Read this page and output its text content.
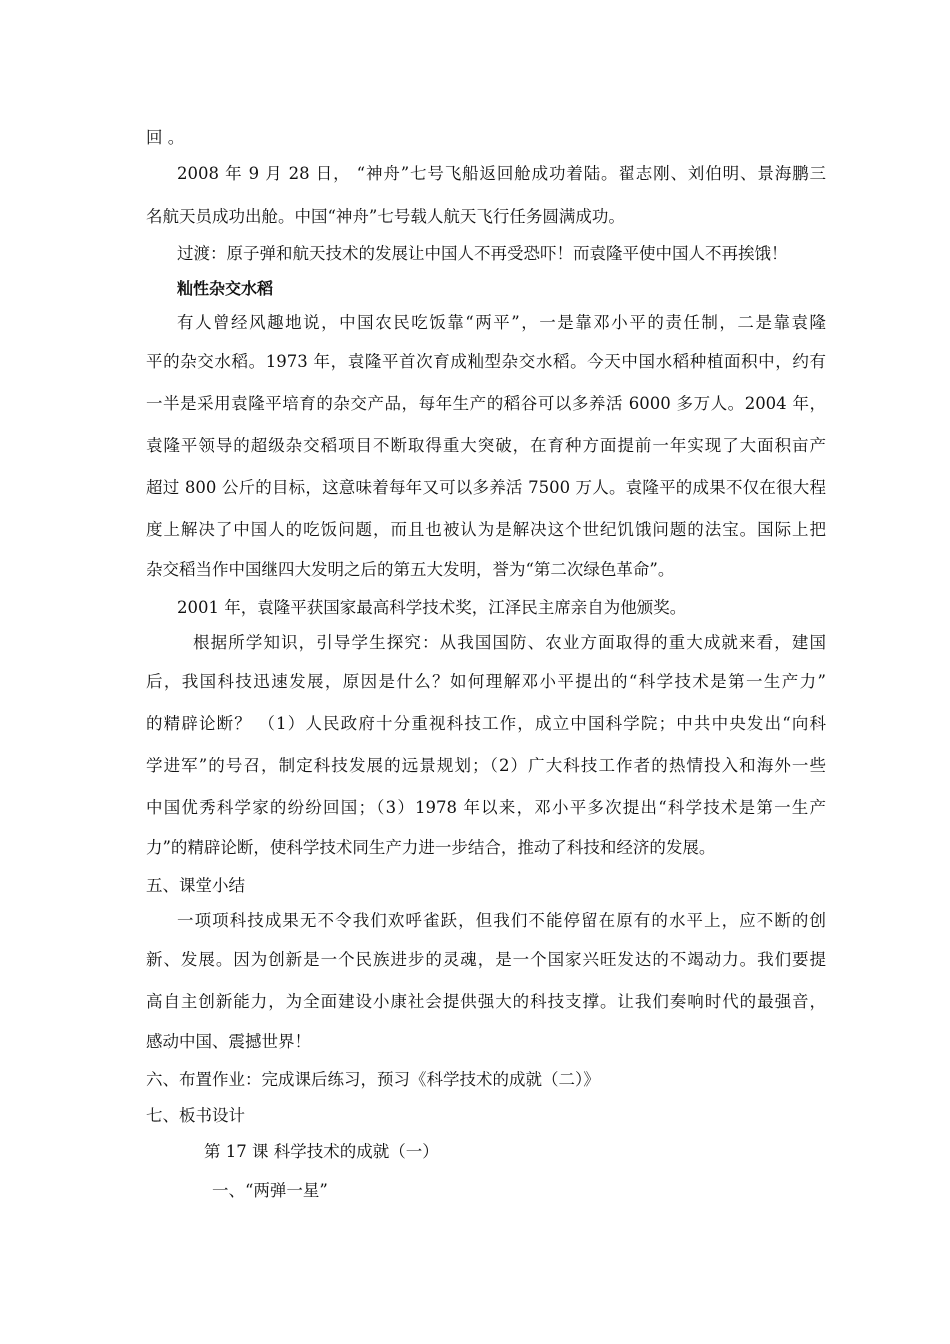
回 。
2008 年 9 月 28 日， “神舟”七号飞船返回舱成功着陆。翟志刚、刘伯明、景海鹏三
名航天员成功出舱。中国“神舟”七号载人航天飞行任务圆满成功。
过渡：原子弹和航天技术的发展让中国人不再受恐吓！而袁隆平使中国人不再挨饿！
籼性杂交水稻
有人曾经风趣地说，中国农民吃饭靠“两平”，一是靠邓小平的责任制，二是靠袁隆
平的杂交水稻。1973 年，袁隆平首次育成籼型杂交水稻。今天中国水稻种植面积中，约有
一半是采用袁隆平培育的杂交产品，每年生产的稻谷可以多养活 6000 多万人。2004 年，
袁隆平领导的超级杂交稻项目不断取得重大突破，在育种方面提前一年实现了大面积亩产
超过 800 公斤的目标，这意味着每年又可以多养活 7500 万人。袁隆平的成果不仅在很大程
度上解决了中国人的吃饭问题，而且也被认为是解决这个世纪饥饿问题的法宝。国际上把
杂交稻当作中国继四大发明之后的第五大发明，誉为“第二次绿色革命”。
2001 年，袁隆平获国家最高科学技术奖，江泽民主席亲自为他颁奖。
根据所学知识，引导学生探究：从我国国防、农业方面取得的重大成就来看，建国
后，我国科技迅速发展，原因是什么？如何理解邓小平提出的“科学技术是第一生产力”
的精辟论断？ （1）人民政府十分重视科技工作，成立中国科学院；中共中央发出“向科
学进军”的号召，制定科技发展的远景规划；（2）广大科技工作者的热情投入和海外一些
中国优秀科学家的纷纷回国；（3）1978 年以来，邓小平多次提出“科学技术是第一生产
力”的精辟论断，使科学技术同生产力进一步结合，推动了科技和经济的发展。
五、课堂小结
一项项科技成果无不令我们欢呼雀跃，但我们不能停留在原有的水平上，应不断的创
新、发展。因为创新是一个民族进步的灵魂，是一个国家兴旺发达的不竭动力。我们要提
高自主创新能力，为全面建设小康社会提供强大的科技支撑。让我们奏响时代的最强音，
感动中国、震撼世界！
六、布置作业：完成课后练习，预习《科学技术的成就（二）》
七、板书设计
第 17 课 科学技术的成就（一）
一、“两弹一星”
